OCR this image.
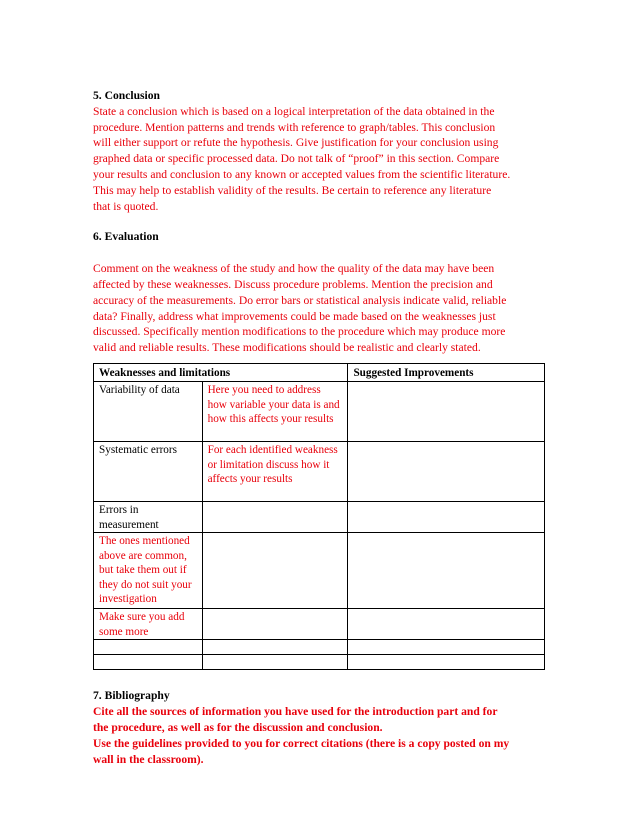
5. Conclusion

State a conclusion which is based on a logical interpretation of the data obtained in the
procedure. Mention patterns and trends with reference to graph/tables. This conclusion
will either support or refute the hypothesis. Give justification for your conclusion using
graphed data or specific processed data. Do not talk of “proof” in this section. Compare
your results and conclusion to any known or accepted values from the scientific literature.
This may help to establish validity of the results. Be certain to reference any literature
that is quoted.

6. Evaluation

Comment on the weakness of the study and how the quality of the data may have been
affected by these weaknesses. Discuss procedure problems. Mention the precision and
accuracy of the measurements. Do error bars or statistical analysis indicate valid, reliable
data? Finally, address what improvements could be made based on the weaknesses just
discussed. Specifically mention modifications to the procedure which may produce more
valid and reliable results. These modifications should be realistic and clearly stated.
Weaknesses and limitations		Suggested Improvements
Variability of data	Here you need to address how variable your data is and how this affects your results	
Systematic errors	For each identified weakness or limitation discuss how it affects your results	
Errors in measurement		
The ones mentioned above are common, but take them out if they do not suit your investigation		
Make sure you add some more		

7. Bibliography
Cite all the sources of information you have used for the introduction part and for
the procedure, as well as for the discussion and conclusion.
Use the guidelines provided to you for correct citations (there is a copy posted on my
wall in the classroom).
